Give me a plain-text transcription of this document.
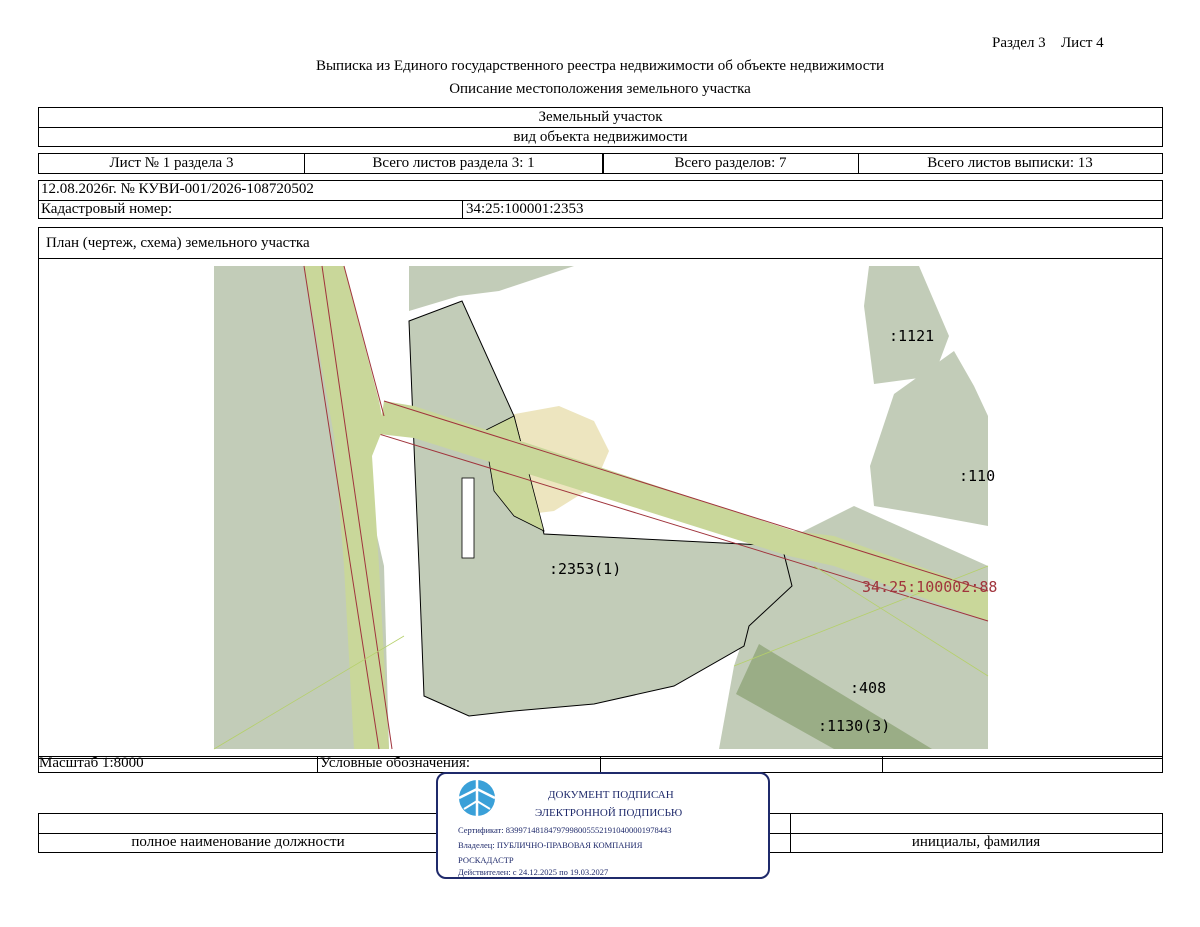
Раздел 3 Лист 4
Выписка из Единого государственного реестра недвижимости об объекте недвижимости
Описание местоположения земельного участка
Земельный участок
вид объекта недвижимости
Лист № 1 раздела 3	Всего листов раздела 3: 1	Всего разделов: 7	Всего листов выписки: 13
12.08.2026г. № КУВИ-001/2026-108720502
Кадастровый номер:	34:25:100001:2353
План (чертеж, схема) земельного участка
:1121
:110
:2353(1)
34:25:100002:88
:408
:1130(3)
Масштаб 1:8000	Условные обозначения:
полное наименование должности	инициалы, фамилия
ДОКУМЕНТ ПОДПИСАН
ЭЛЕКТРОННОЙ ПОДПИСЬЮ
Сертификат: 839971481847979980055521910400001978443
Владелец: ПУБЛИЧНО-ПРАВОВАЯ КОМПАНИЯ
РОСКАДАСТР
Действителен: с 24.12.2025 по 19.03.2027
